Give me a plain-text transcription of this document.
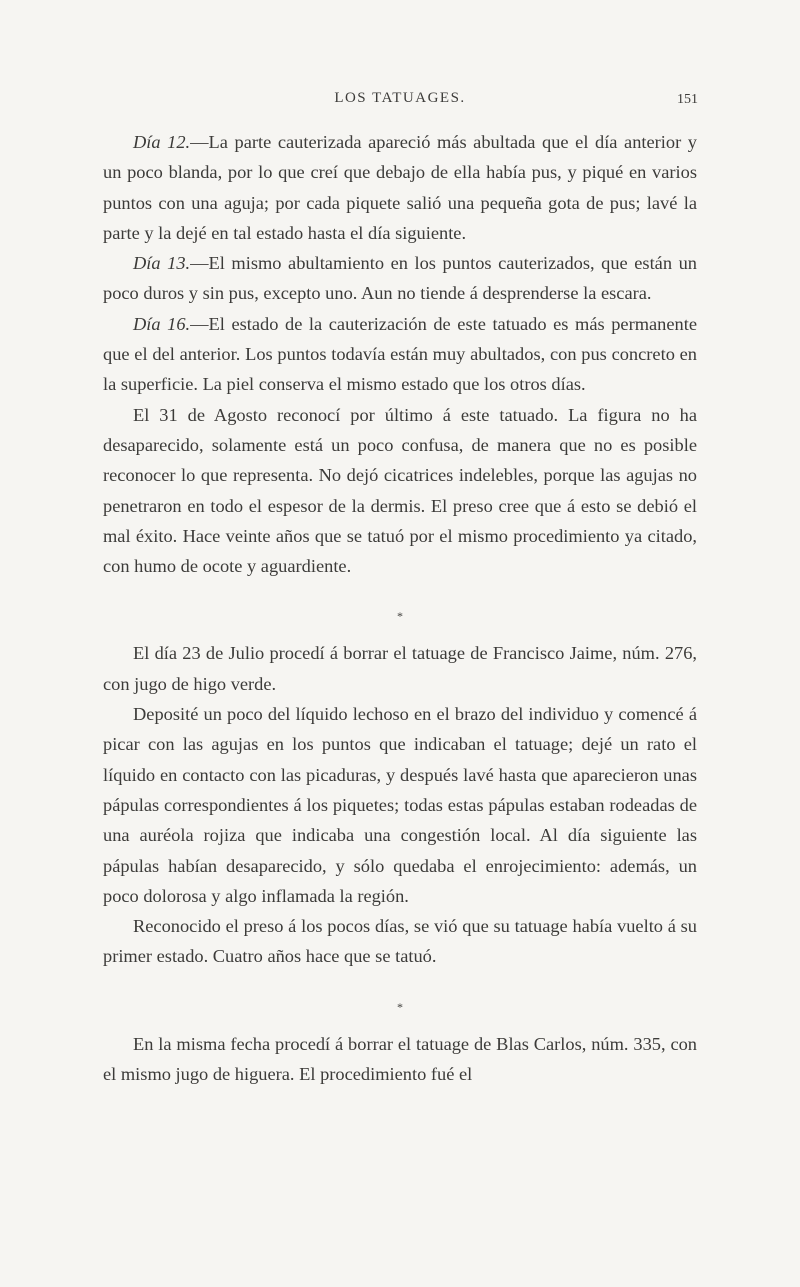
LOS TATUAGES.	151

Día 12.—La parte cauterizada apareció más abultada que el día anterior y un poco blanda, por lo que creí que debajo de ella había pus, y piqué en varios puntos con una aguja; por cada piquete salió una pequeña gota de pus; lavé la parte y la dejé en tal estado hasta el día siguiente.

Día 13.—El mismo abultamiento en los puntos cauterizados, que están un poco duros y sin pus, excepto uno. Aun no tiende á desprenderse la escara.

Día 16.—El estado de la cauterización de este tatuado es más permanente que el del anterior. Los puntos todavía están muy abultados, con pus concreto en la superficie. La piel conserva el mismo estado que los otros días.

El 31 de Agosto reconocí por último á este tatuado. La figura no ha desaparecido, solamente está un poco confusa, de manera que no es posible reconocer lo que representa. No dejó cicatrices indelebles, porque las agujas no penetraron en todo el espesor de la dermis. El preso cree que á esto se debió el mal éxito. Hace veinte años que se tatuó por el mismo procedimiento ya citado, con humo de ocote y aguardiente.

*

El día 23 de Julio procedí á borrar el tatuage de Francisco Jaime, núm. 276, con jugo de higo verde.

Deposité un poco del líquido lechoso en el brazo del individuo y comencé á picar con las agujas en los puntos que indicaban el tatuage; dejé un rato el líquido en contacto con las picaduras, y después lavé hasta que aparecieron unas pápulas correspondientes á los piquetes; todas estas pápulas estaban rodeadas de una auréola rojiza que indicaba una congestión local. Al día siguiente las pápulas habían desaparecido, y sólo quedaba el enrojecimiento: además, un poco dolorosa y algo inflamada la región.

Reconocido el preso á los pocos días, se vió que su tatuage había vuelto á su primer estado. Cuatro años hace que se tatuó.

*

En la misma fecha procedí á borrar el tatuage de Blas Carlos, núm. 335, con el mismo jugo de higuera. El procedimiento fué el
